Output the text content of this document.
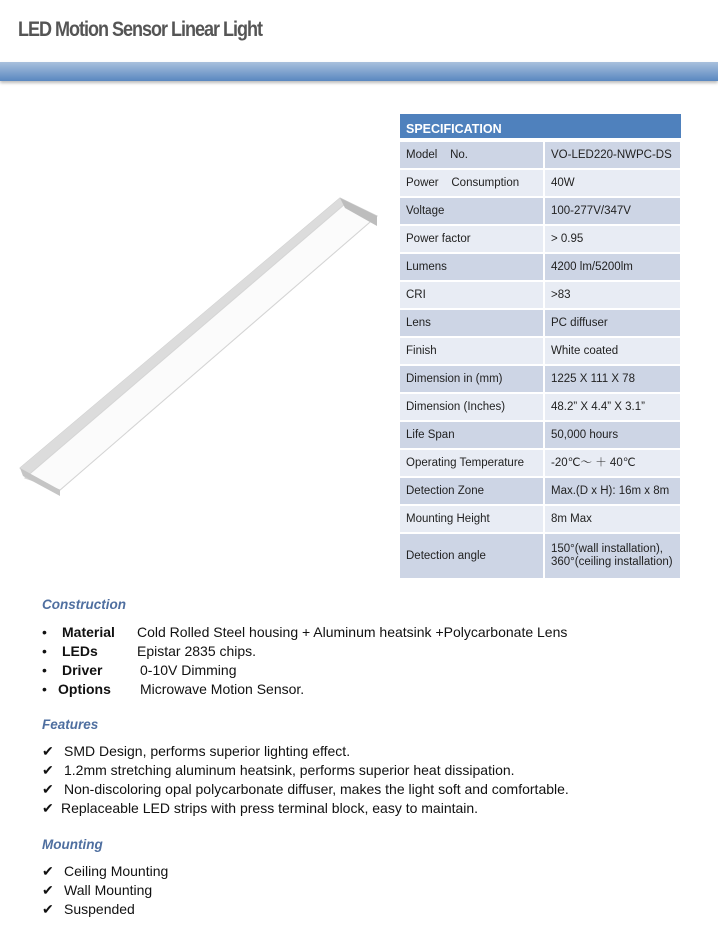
LED Motion Sensor Linear Light
SPECIFICATION	
Model    No.	VO-LED220-NWPC-DS
Power    Consumption	40W
Voltage	100-277V/347V
Power factor	> 0.95
Lumens	4200 lm/5200lm
CRI	>83
Lens	PC diffuser
Finish	White coated
Dimension in (mm)	1225 X 111 X 78
Dimension (Inches)	48.2” X 4.4” X 3.1”
Life Span	50,000 hours
Operating Temperature	-20℃～ ＋ 40℃
Detection Zone	Max.(D x H): 16m x 8m
Mounting Height	8m Max
Detection angle	150°(wall installation), 360°(ceiling installation)
Construction
• Material Cold Rolled Steel housing + Aluminum heatsink +Polycarbonate Lens
• LEDs	Epistar 2835 chips.
• Driver	0-10V Dimming
• Options Microwave Motion Sensor.
Features
✔ SMD Design, performs superior lighting effect.
✔ 1.2mm stretching aluminum heatsink, performs superior heat dissipation.
✔ Non-discoloring opal polycarbonate diffuser, makes the light soft and comfortable.
✔ Replaceable LED strips with press terminal block, easy to maintain.
Mounting
✔ Ceiling Mounting
✔ Wall Mounting
✔ Suspended
